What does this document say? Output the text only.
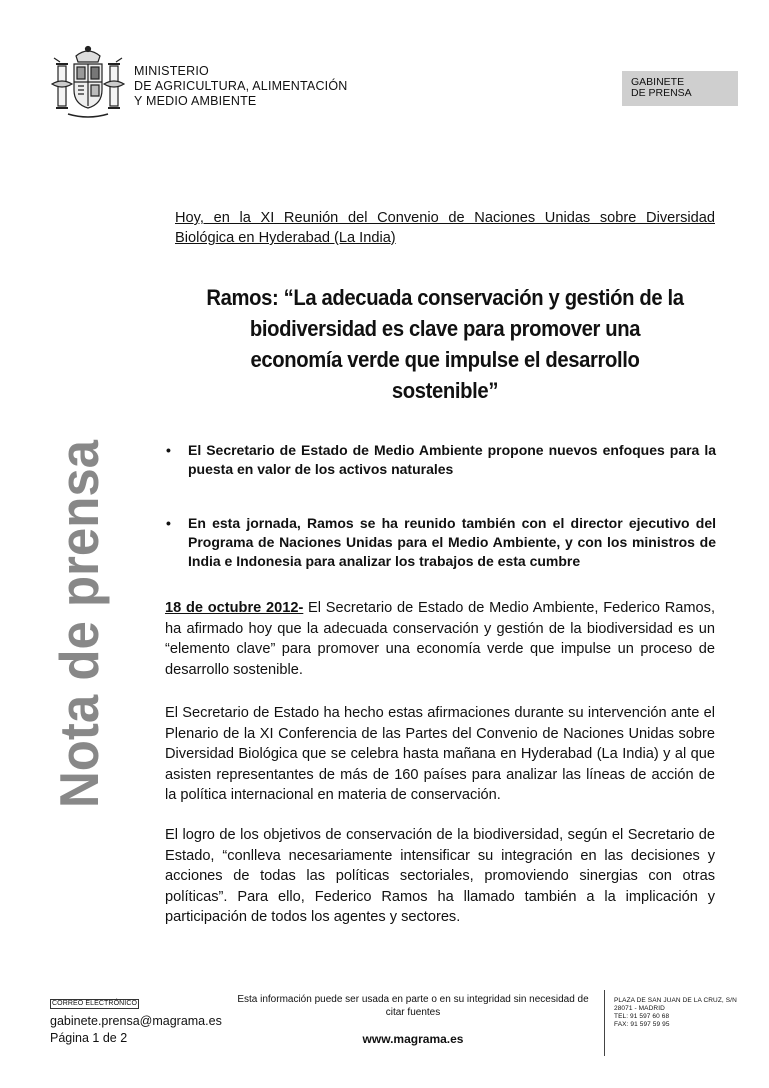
MINISTERIO
DE AGRICULTURA, ALIMENTACIÓN
Y MEDIO AMBIENTE
GABINETE
DE PRENSA
Nota de prensa
Hoy, en la XI Reunión del Convenio de Naciones Unidas sobre Diversidad
Biológica en Hyderabad (La India)
Ramos: “La adecuada conservación y gestión de la
biodiversidad es clave para promover una
economía verde que impulse el desarrollo
sostenible”
• El Secretario de Estado de Medio Ambiente propone nuevos enfoques para la puesta en valor de los activos naturales
• En esta jornada, Ramos se ha reunido también con el director ejecutivo del Programa de Naciones Unidas para el Medio Ambiente, y con los ministros de India e Indonesia para analizar los trabajos de esta cumbre
18 de octubre 2012- El Secretario de Estado de Medio Ambiente, Federico Ramos, ha afirmado hoy que la adecuada conservación y gestión de la biodiversidad es un “elemento clave” para promover una economía verde que impulse un proceso de desarrollo sostenible.
El Secretario de Estado ha hecho estas afirmaciones durante su intervención ante el Plenario de la XI Conferencia de las Partes del Convenio de Naciones Unidas sobre Diversidad Biológica que se celebra hasta mañana en Hyderabad (La India) y al que asisten representantes de más de 160 países para analizar las líneas de acción de la política internacional en materia de conservación.
El logro de los objetivos de conservación de la biodiversidad, según el Secretario de Estado, “conlleva necesariamente intensificar su integración en las decisiones y acciones de todas las políticas sectoriales, promoviendo sinergias con otras políticas”. Para ello, Federico Ramos ha llamado también a la implicación y participación de todos los agentes y sectores.
CORREO ELECTRÓNICO
gabinete.prensa@magrama.es
Página 1 de 2
Esta información puede ser usada en parte o en su integridad sin necesidad de citar fuentes
www.magrama.es
PLAZA DE SAN JUAN DE LA CRUZ, S/N
28071 - MADRID
TEL: 91 597 60 68
FAX: 91 597 59 95
